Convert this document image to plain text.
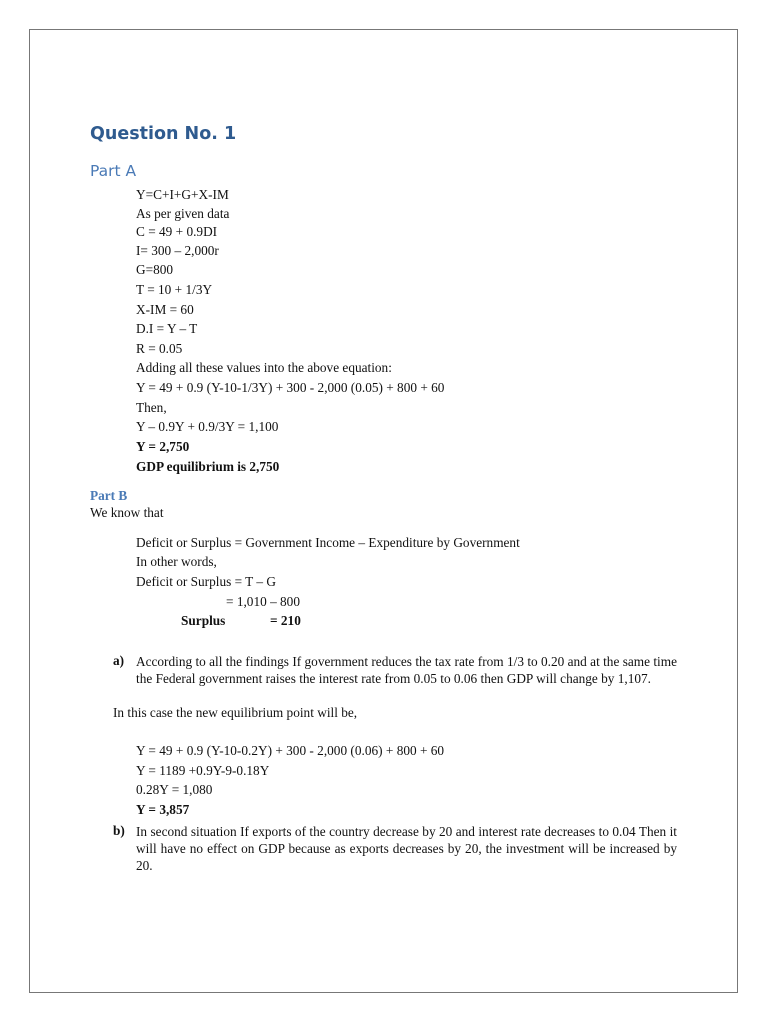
Question No. 1
Part A
Y=C+I+G+X-IM
As per given data
C = 49 + 0.9DI
I= 300 – 2,000r
G=800
T = 10 + 1/3Y
X-IM = 60
D.I = Y – T
R = 0.05
Adding all these values into the above equation:
Y = 49 + 0.9 (Y-10-1/3Y) + 300 - 2,000 (0.05) + 800 + 60
Then,
Y – 0.9Y + 0.9/3Y = 1,100
Y = 2,750
GDP equilibrium is 2,750
Part B
We know that
Deficit or Surplus = Government Income – Expenditure by Government
In other words,
Deficit or Surplus = T – G
= 1,010 – 800
Surplus	= 210
a) According to all the findings If government reduces the tax rate from 1/3 to 0.20 and at the same time the Federal government raises the interest rate from 0.05 to 0.06 then GDP will change by 1,107.
In this case the new equilibrium point will be,
Y = 49 + 0.9 (Y-10-0.2Y) + 300 - 2,000 (0.06) + 800 + 60
Y = 1189 +0.9Y-9-0.18Y
0.28Y = 1,080
Y = 3,857
b) In second situation If exports of the country decrease by 20 and interest rate decreases to 0.04 Then it will have no effect on GDP because as exports decreases by 20, the investment will be increased by 20.
